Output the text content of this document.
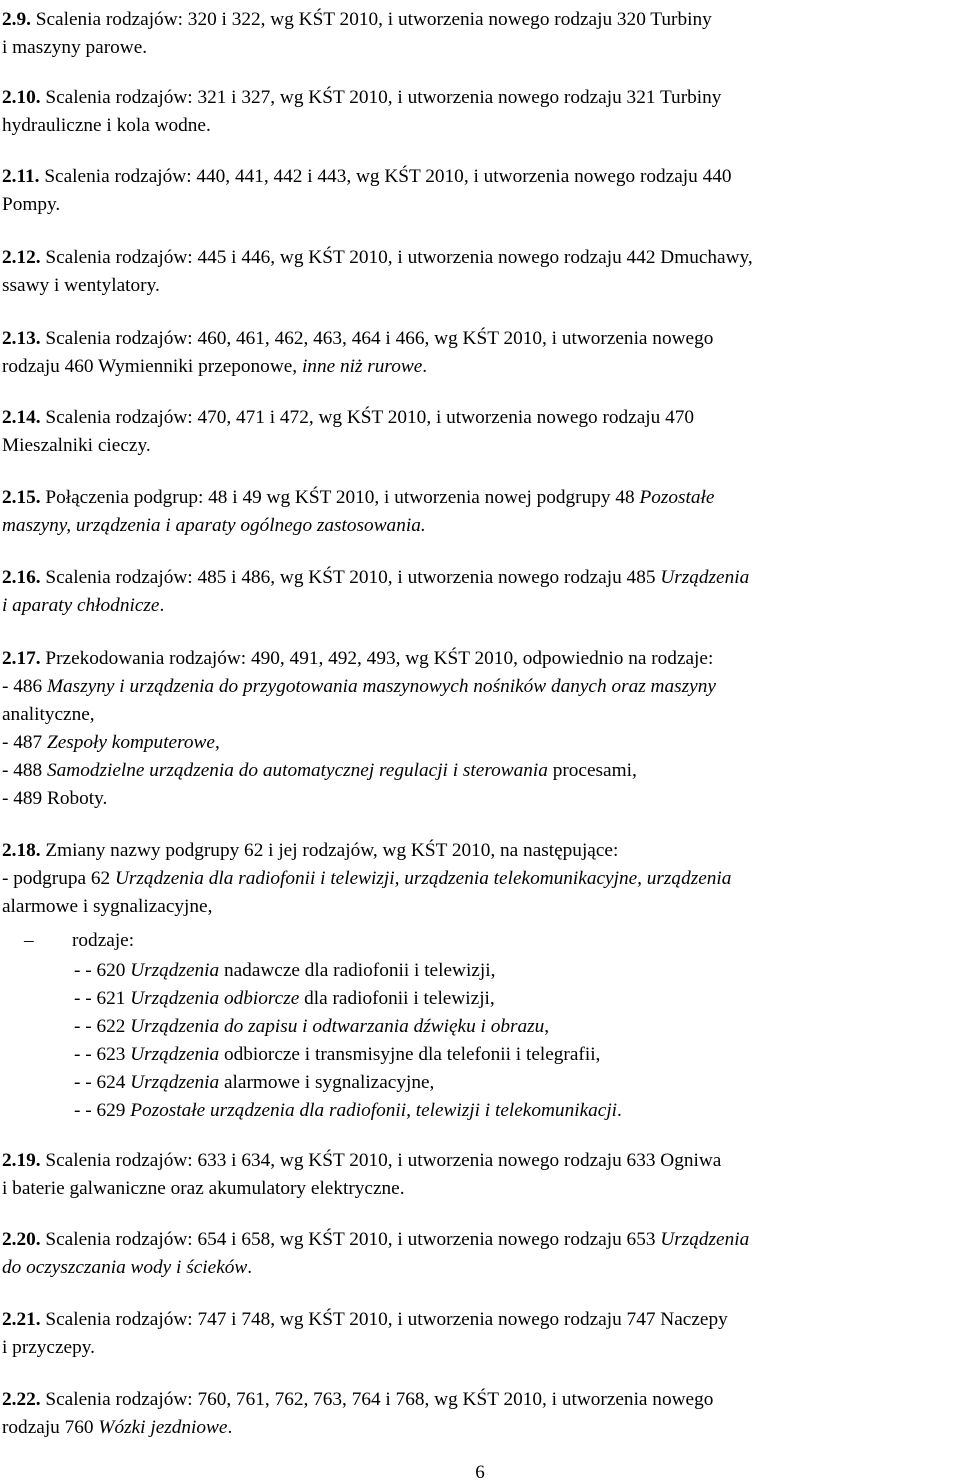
2.9. Scalenia rodzajów: 320 i 322, wg KŚT 2010, i utworzenia nowego rodzaju 320 Turbiny

i maszyny parowe.

2.10. Scalenia rodzajów: 321 i 327, wg KŚT 2010, i utworzenia nowego rodzaju 321 Turbiny

hydrauliczne i kola wodne.

2.11. Scalenia rodzajów: 440, 441, 442 i 443, wg KŚT 2010, i utworzenia nowego rodzaju 440

Pompy.

2.12. Scalenia rodzajów: 445 i 446, wg KŚT 2010, i utworzenia nowego rodzaju 442 Dmuchawy,

ssawy i wentylatory.

2.13. Scalenia rodzajów: 460, 461, 462, 463, 464 i 466, wg KŚT 2010, i utworzenia nowego

rodzaju 460 Wymienniki przeponowe, inne niż rurowe.

2.14. Scalenia rodzajów: 470, 471 i 472, wg KŚT 2010, i utworzenia nowego rodzaju 470

Mieszalniki cieczy.

2.15. Połączenia podgrup: 48 i 49 wg KŚT 2010, i utworzenia nowej podgrupy 48 Pozostałe

maszyny, urządzenia i aparaty ogólnego zastosowania.

2.16. Scalenia rodzajów: 485 i 486, wg KŚT 2010, i utworzenia nowego rodzaju 485 Urządzenia

i aparaty chłodnicze.

2.17. Przekodowania rodzajów: 490, 491, 492, 493, wg KŚT 2010, odpowiednio na rodzaje:

- 486 Maszyny i urządzenia do przygotowania maszynowych nośników danych oraz maszyny

analityczne,

- 487 Zespoły komputerowe,

- 488 Samodzielne urządzenia do automatycznej regulacji i sterowania procesami,

- 489 Roboty.

2.18. Zmiany nazwy podgrupy 62 i jej rodzajów, wg KŚT 2010, na następujące:

- podgrupa 62 Urządzenia dla radiofonii i telewizji, urządzenia telekomunikacyjne, urządzenia

alarmowe i sygnalizacyjne,

– rodzaje:

- - 620 Urządzenia nadawcze dla radiofonii i telewizji,

- - 621 Urządzenia odbiorcze dla radiofonii i telewizji,

- - 622 Urządzenia do zapisu i odtwarzania dźwięku i obrazu,

- - 623 Urządzenia odbiorcze i transmisyjne dla telefonii i telegrafii,

- - 624 Urządzenia alarmowe i sygnalizacyjne,

- - 629 Pozostałe urządzenia dla radiofonii, telewizji i telekomunikacji.

2.19. Scalenia rodzajów: 633 i 634, wg KŚT 2010, i utworzenia nowego rodzaju 633 Ogniwa

i baterie galwaniczne oraz akumulatory elektryczne.

2.20. Scalenia rodzajów: 654 i 658, wg KŚT 2010, i utworzenia nowego rodzaju 653 Urządzenia

do oczyszczania wody i ścieków.

2.21. Scalenia rodzajów: 747 i 748, wg KŚT 2010, i utworzenia nowego rodzaju 747 Naczepy

i przyczepy.

2.22. Scalenia rodzajów: 760, 761, 762, 763, 764 i 768, wg KŚT 2010, i utworzenia nowego

rodzaju 760 Wózki jezdniowe.

6
